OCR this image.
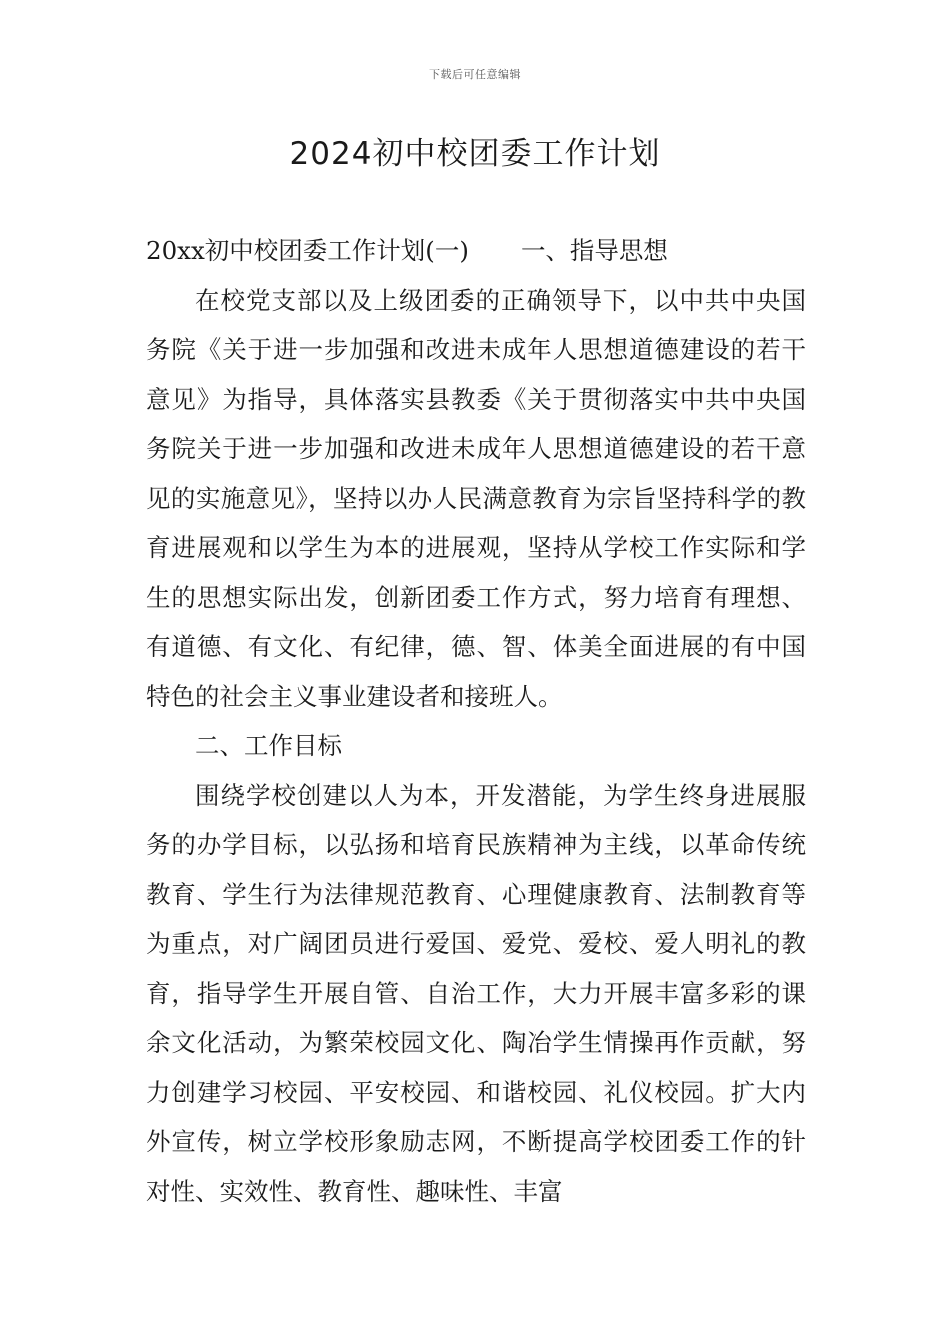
下载后可任意编辑
2024初中校团委工作计划

20xx初中校团委工作计划(一) 一、指导思想

在校党支部以及上级团委的正确领导下，以中共中央国务院《关于进一步加强和改进未成年人思想道德建设的若干意见》为指导，具体落实县教委《关于贯彻落实中共中央国务院关于进一步加强和改进未成年人思想道德建设的若干意见的实施意见》，坚持以办人民满意教育为宗旨坚持科学的教育进展观和以学生为本的进展观，坚持从学校工作实际和学生的思想实际出发，创新团委工作方式，努力培育有理想、有道德、有文化、有纪律，德、智、体美全面进展的有中国特色的社会主义事业建设者和接班人。

二、工作目标

围绕学校创建以人为本，开发潜能，为学生终身进展服务的办学目标，以弘扬和培育民族精神为主线，以革命传统教育、学生行为法律规范教育、心理健康教育、法制教育等为重点，对广阔团员进行爱国、爱党、爱校、爱人明礼的教育，指导学生开展自管、自治工作，大力开展丰富多彩的课余文化活动，为繁荣校园文化、陶冶学生情操再作贡献，努力创建学习校园、平安校园、和谐校园、礼仪校园。扩大内外宣传，树立学校形象励志网，不断提高学校团委工作的针对性、实效性、教育性、趣味性、丰富
